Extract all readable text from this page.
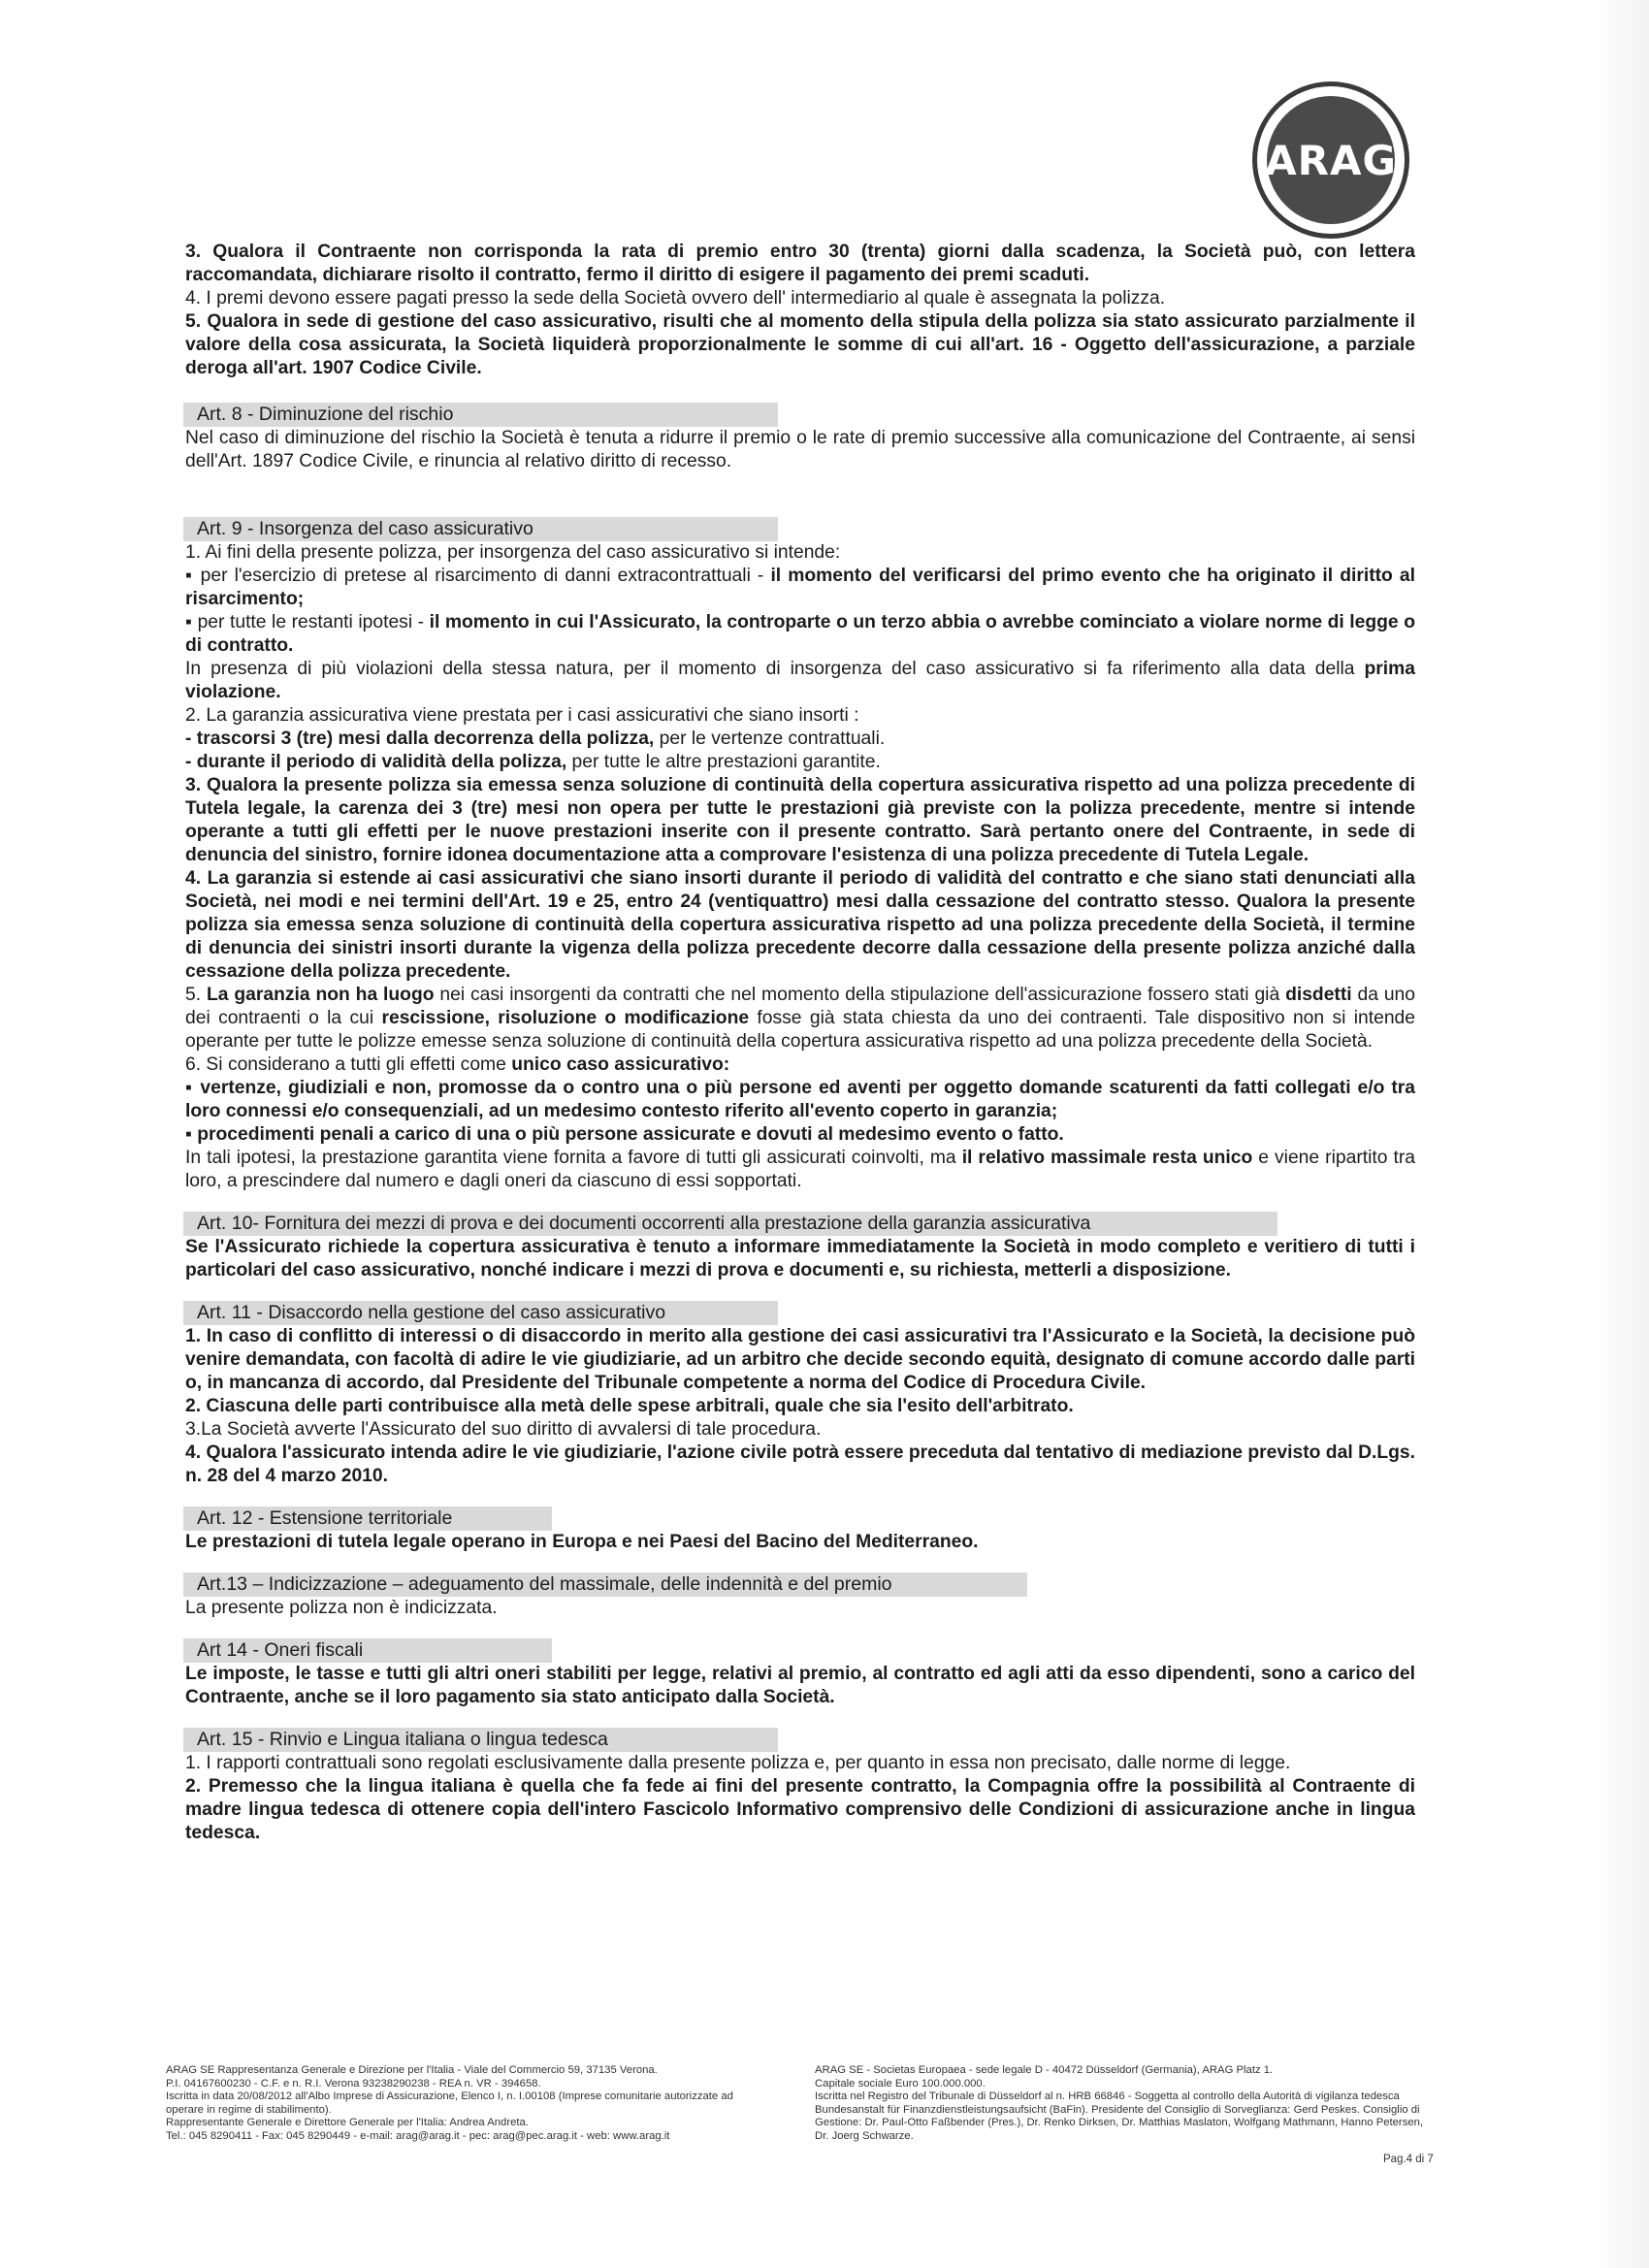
ARAG

3. Qualora il Contraente non corrisponda la rata di premio entro 30 (trenta) giorni dalla scadenza, la Società può, con lettera raccomandata, dichiarare risolto il contratto, fermo il diritto di esigere il pagamento dei premi scaduti.

4. I premi devono essere pagati presso la sede della Società ovvero dell' intermediario al quale è assegnata la polizza.

5. Qualora in sede di gestione del caso assicurativo, risulti che al momento della stipula della polizza sia stato assicurato parzialmente il valore della cosa assicurata, la Società liquiderà proporzionalmente le somme di cui all'art. 16 - Oggetto dell'assicurazione, a parziale deroga all'art. 1907 Codice Civile.

Art. 8 - Diminuzione del rischio

Nel caso di diminuzione del rischio la Società è tenuta a ridurre il premio o le rate di premio successive alla comunicazione del Contraente, ai sensi dell'Art. 1897 Codice Civile, e rinuncia al relativo diritto di recesso.

Art. 9 - Insorgenza del caso assicurativo

1. Ai fini della presente polizza, per insorgenza del caso assicurativo si intende:

▪ per l'esercizio di pretese al risarcimento di danni extracontrattuali - il momento del verificarsi del primo evento che ha originato il diritto al risarcimento;

▪ per tutte le restanti ipotesi - il momento in cui l'Assicurato, la controparte o un terzo abbia o avrebbe cominciato a violare norme di legge o di contratto.

In presenza di più violazioni della stessa natura, per il momento di insorgenza del caso assicurativo si fa riferimento alla data della prima violazione.

2. La garanzia assicurativa viene prestata per i casi assicurativi che siano insorti :

- trascorsi 3 (tre) mesi dalla decorrenza della polizza, per le vertenze contrattuali.

- durante il periodo di validità della polizza, per tutte le altre prestazioni garantite.

3. Qualora la presente polizza sia emessa senza soluzione di continuità della copertura assicurativa rispetto ad una polizza precedente di Tutela legale, la carenza dei 3 (tre) mesi non opera per tutte le prestazioni già previste con la polizza precedente, mentre si intende operante a tutti gli effetti per le nuove prestazioni inserite con il presente contratto. Sarà pertanto onere del Contraente, in sede di denuncia del sinistro, fornire idonea documentazione atta a comprovare l'esistenza di una polizza precedente di Tutela Legale.

4. La garanzia si estende ai casi assicurativi che siano insorti durante il periodo di validità del contratto e che siano stati denunciati alla Società, nei modi e nei termini dell'Art. 19 e 25, entro 24 (ventiquattro) mesi dalla cessazione del contratto stesso. Qualora la presente polizza sia emessa senza soluzione di continuità della copertura assicurativa rispetto ad una polizza precedente della Società, il termine di denuncia dei sinistri insorti durante la vigenza della polizza precedente decorre dalla cessazione della presente polizza anziché dalla cessazione della polizza precedente.

5. La garanzia non ha luogo nei casi insorgenti da contratti che nel momento della stipulazione dell'assicurazione fossero stati già disdetti da uno dei contraenti o la cui rescissione, risoluzione o modificazione fosse già stata chiesta da uno dei contraenti. Tale dispositivo non si intende operante per tutte le polizze emesse senza soluzione di continuità della copertura assicurativa rispetto ad una polizza precedente della Società.

6. Si considerano a tutti gli effetti come unico caso assicurativo:

▪ vertenze, giudiziali e non, promosse da o contro una o più persone ed aventi per oggetto domande scaturenti da fatti collegati e/o tra loro connessi e/o consequenziali, ad un medesimo contesto riferito all'evento coperto in garanzia;

▪ procedimenti penali a carico di una o più persone assicurate e dovuti al medesimo evento o fatto.

In tali ipotesi, la prestazione garantita viene fornita a favore di tutti gli assicurati coinvolti, ma il relativo massimale resta unico e viene ripartito tra loro, a prescindere dal numero e dagli oneri da ciascuno di essi sopportati.

Art. 10- Fornitura dei mezzi di prova e dei documenti occorrenti alla prestazione della garanzia assicurativa

Se l'Assicurato richiede la copertura assicurativa è tenuto a informare immediatamente la Società in modo completo e veritiero di tutti i particolari del caso assicurativo, nonché indicare i mezzi di prova e documenti e, su richiesta, metterli a disposizione.

Art. 11 - Disaccordo nella gestione del caso assicurativo

1. In caso di conflitto di interessi o di disaccordo in merito alla gestione dei casi assicurativi tra l'Assicurato e la Società, la decisione può venire demandata, con facoltà di adire le vie giudiziarie, ad un arbitro che decide secondo equità, designato di comune accordo dalle parti o, in mancanza di accordo, dal Presidente del Tribunale competente a norma del Codice di Procedura Civile.

2. Ciascuna delle parti contribuisce alla metà delle spese arbitrali, quale che sia l'esito dell'arbitrato.

3.La Società avverte l'Assicurato del suo diritto di avvalersi di tale procedura.

4. Qualora l'assicurato intenda adire le vie giudiziarie, l'azione civile potrà essere preceduta dal tentativo di mediazione previsto dal D.Lgs. n. 28 del 4 marzo 2010.

Art. 12 - Estensione territoriale

Le prestazioni di tutela legale operano in Europa e nei Paesi del Bacino del Mediterraneo.

Art.13 – Indicizzazione – adeguamento del massimale, delle indennità e del premio

La presente polizza non è indicizzata.

Art 14 - Oneri fiscali

Le imposte, le tasse e tutti gli altri oneri stabiliti per legge, relativi al premio, al contratto ed agli atti da esso dipendenti, sono a carico del Contraente, anche se il loro pagamento sia stato anticipato dalla Società.

Art. 15 - Rinvio e Lingua italiana o lingua tedesca

1. I rapporti contrattuali sono regolati esclusivamente dalla presente polizza e, per quanto in essa non precisato, dalle norme di legge.

2. Premesso che la lingua italiana è quella che fa fede ai fini del presente contratto, la Compagnia offre la possibilità al Contraente di madre lingua tedesca di ottenere copia dell'intero Fascicolo Informativo comprensivo delle Condizioni di assicurazione anche in lingua tedesca.

ARAG SE Rappresentanza Generale e Direzione per l'Italia - Viale del Commercio 59, 37135 Verona.
P.I. 04167600230 - C.F. e n. R.I. Verona 93238290238 - REA n. VR - 394658.
Iscritta in data 20/08/2012 all'Albo Imprese di Assicurazione, Elenco I, n. I.00108 (Imprese comunitarie autorizzate ad operare in regime di stabilimento).
Rappresentante Generale e Direttore Generale per l'Italia: Andrea Andreta.
Tel.: 045 8290411 - Fax: 045 8290449 - e-mail: arag@arag.it - pec: arag@pec.arag.it - web: www.arag.it
ARAG SE - Societas Europaea - sede legale D - 40472 Düsseldorf (Germania), ARAG Platz 1.
Capitale sociale Euro 100.000.000.
Iscritta nel Registro del Tribunale di Düsseldorf al n. HRB 66846 - Soggetta al controllo della Autorità di vigilanza tedesca Bundesanstalt für Finanzdienstleistungsaufsicht (BaFin). Presidente del Consiglio di Sorveglianza: Gerd Peskes. Consiglio di Gestione: Dr. Paul-Otto Faßbender (Pres.), Dr. Renko Dirksen, Dr. Matthias Maslaton, Wolfgang Mathmann, Hanno Petersen, Dr. Joerg Schwarze.
Pag.4 di 7
